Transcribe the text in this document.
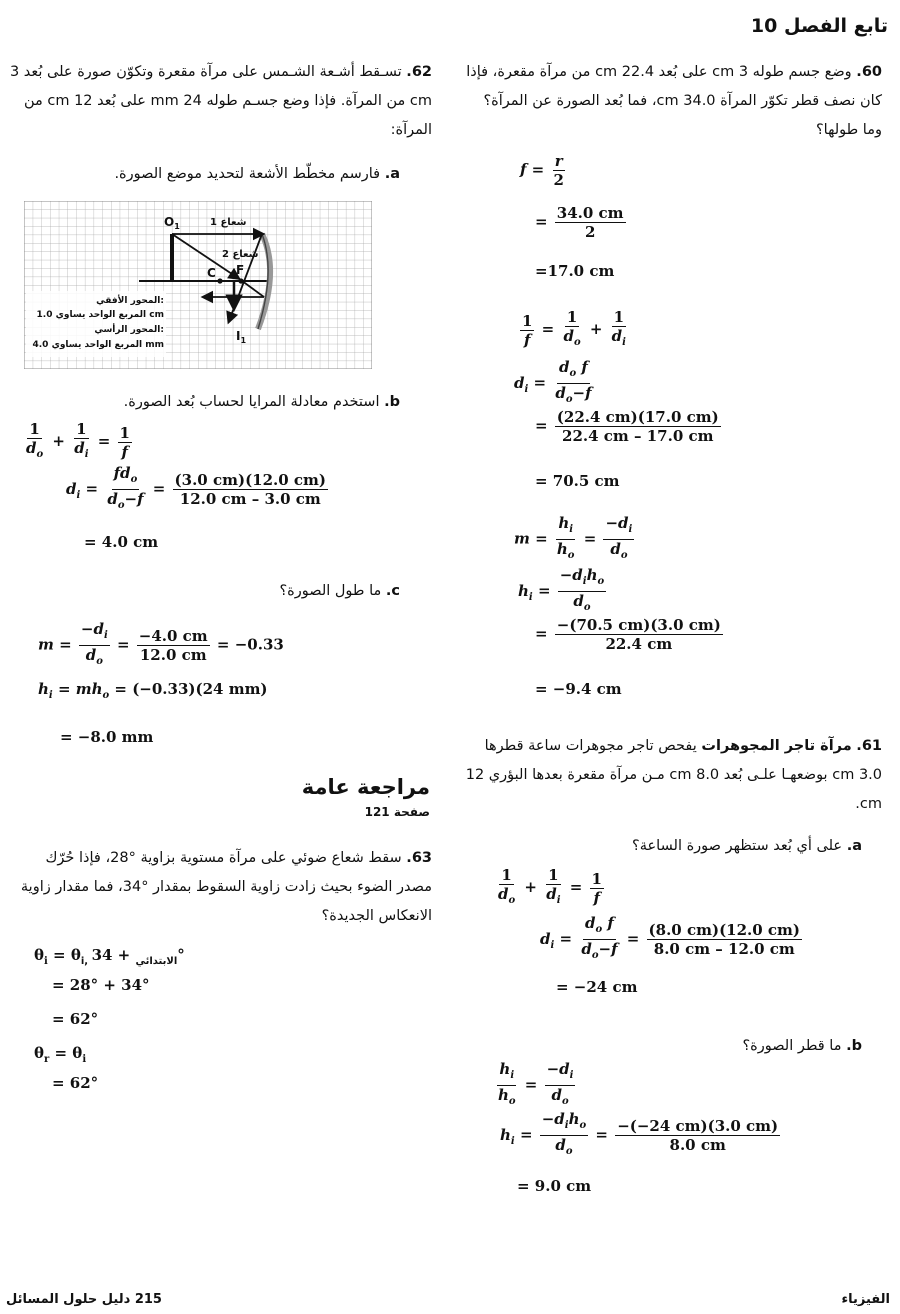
تابع الفصل 10
60. وضع جسم طوله 3 cm على بُعد 22.4 cm من مرآة مقعرة، فإذا كان نصف قطر تكوّر المرآة 34.0 cm، فما بُعد الصورة عن المرآة؟ وما طولها؟
$f = \frac{r}{2}$
= $\frac{34.0 cm}{2}$
=17.0 cm
$\frac{1}{f} = \frac{1}{d_o} + \frac{1}{d_i}$
$d_i = \frac{d_o f}{d_o-f}$
= $\frac{(22.4 cm)(17.0 cm)}{22.4 cm - 17.0 cm}$
= 70.5 cm
$m = \frac{h_i}{h_o} = \frac{-d_i}{d_o}$
$h_i = \frac{-d_ih_o}{d_o}$
= $\frac{-(70.5 cm)(3.0 cm)}{22.4 cm}$
= −9.4 cm
61. مرآة تاجر المجوهرات يفحص تاجر مجوهرات ساعة قطرها 3.0 cm بوضعهـا علـى بُعد 8.0 cm مـن مرآة مقعرة بعدها البؤري 12 cm.
a. على أي بُعد ستظهر صورة الساعة؟
$\frac{1}{d_o} + \frac{1}{d_i} = \frac{1}{f}$
$d_i = \frac{d_o f}{d_o-f} = \frac{(8.0 cm)(12.0 cm)}{8.0 cm - 12.0 cm}$
= −24 cm
b. ما قطر الصورة؟
$\frac{h_i}{h_o} = \frac{-d_i}{d_o}$
$h_i = \frac{-d_ih_o}{d_o} = \frac{-(-24 cm)(3.0 cm)}{8.0 cm}$
= 9.0 cm
62. تسـقط أشـعة الشـمس على مرآة مقعرة وتكوّن صورة على بُعد 3 cm من المرآة. فإذا وضع جسـم طوله 24 mm على بُعد 12 cm من المرآة:
a. فارسم مخطّط الأشعة لتحديد موضع الصورة.
$O_1$	شعاع 1
شعاع 2
C F
$I_1$
المحور الأفقي:
المربع الواحد يساوي 1.0 cm
المحور الرأسي:
المربع الواحد يساوي 4.0 mm
b. استخدم معادلة المرايا لحساب بُعد الصورة.
$\frac{1}{d_o} + \frac{1}{d_i} = \frac{1}{f}$
$d_i = \frac{fd_o}{d_o-f} = \frac{(3.0 cm)(12.0 cm)}{12.0 cm - 3.0 cm}$
= 4.0 cm
c. ما طول الصورة؟
$m = \frac{-d_i}{d_o} = \frac{-4.0 cm}{12.0 cm} = -0.33$
$h_i = mh_o = (-0.33)(24$ mm)
= −8.0 mm
مراجعة عامة
صفحة 121
63. سقط شعاع ضوئي على مرآة مستوية بزاوية °28، فإذا حُرّك مصدر الضوء بحيث زادت زاوية السقوط بمقدار °34، فما مقدار زاوية الانعكاس الجديدة؟
$\theta_i = \theta_{i, الابتدائي} + 34^\circ$
= 28° + 34°
= 62°
$\theta_r = \theta_i$
= 62°
215 دليل حلول المسائل	الفيزياء
